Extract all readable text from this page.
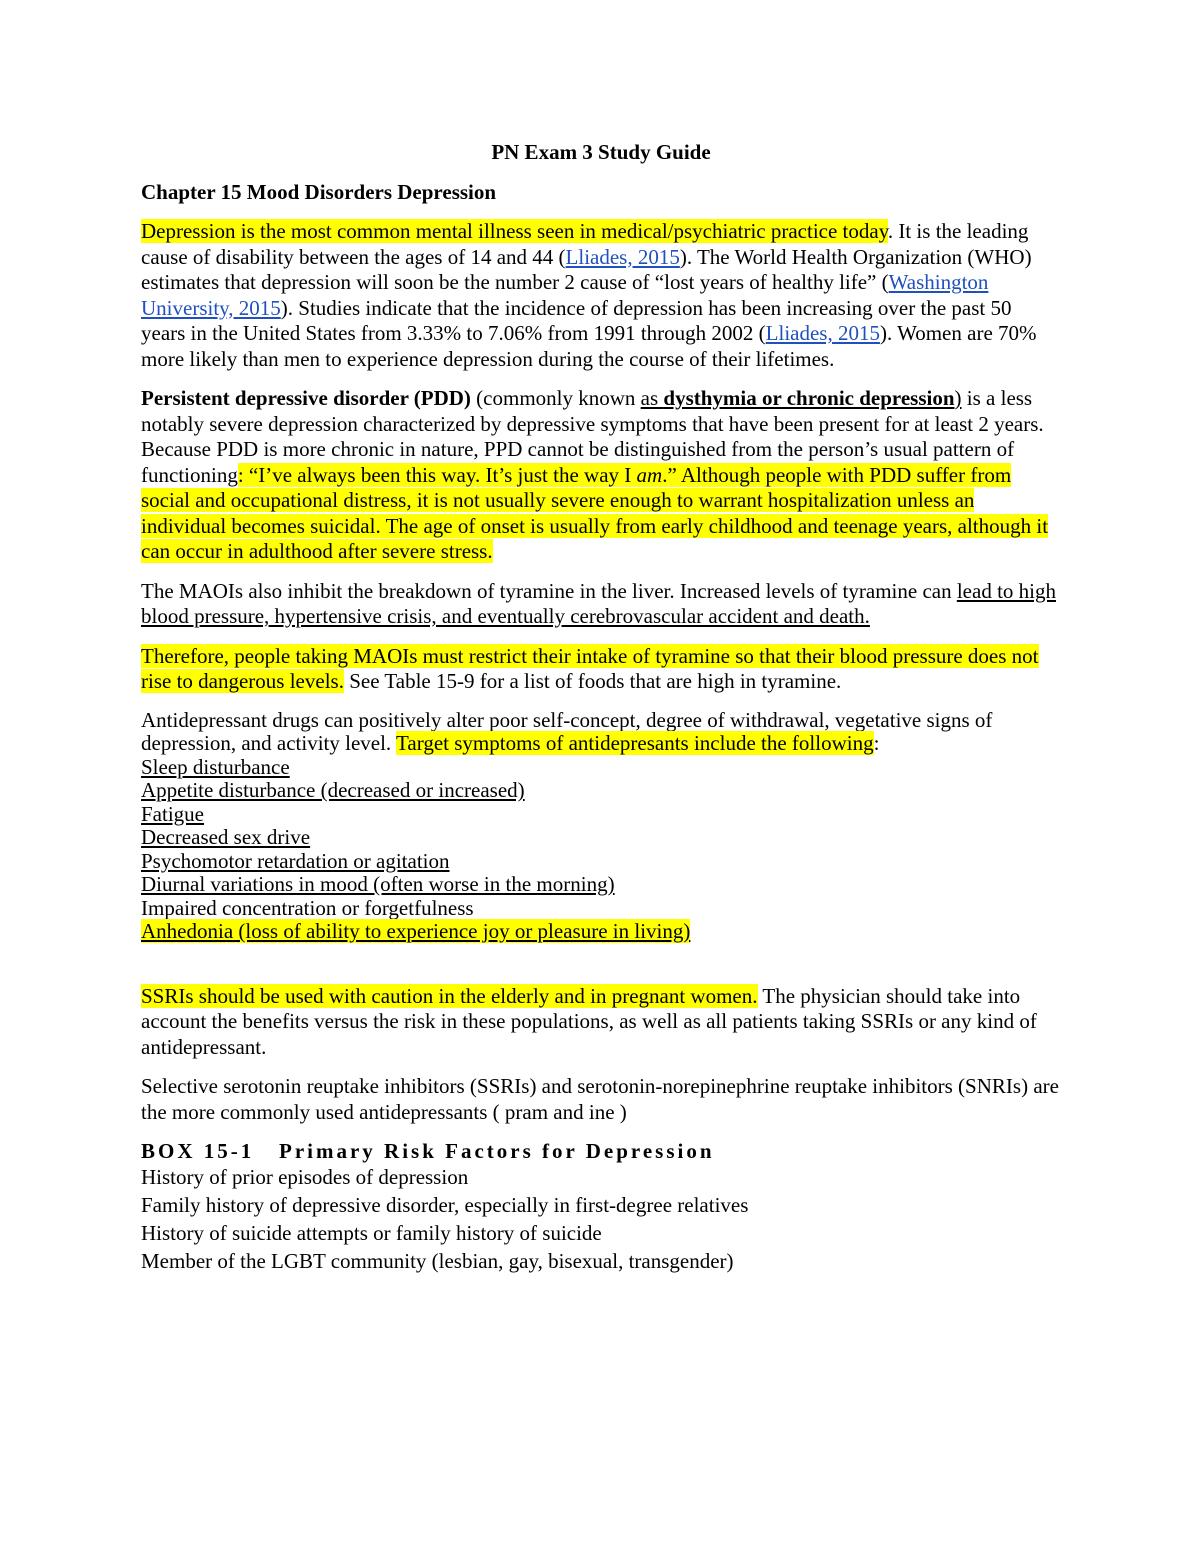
PN Exam 3 Study Guide
Chapter 15 Mood Disorders Depression

Depression is the most common mental illness seen in medical/psychiatric practice today. It is the leading cause of disability between the ages of 14 and 44 (Lliades, 2015). The World Health Organization (WHO) estimates that depression will soon be the number 2 cause of “lost years of healthy life” (Washington University, 2015). Studies indicate that the incidence of depression has been increasing over the past 50 years in the United States from 3.33% to 7.06% from 1991 through 2002 (Lliades, 2015). Women are 70% more likely than men to experience depression during the course of their lifetimes.

Persistent depressive disorder (PDD) (commonly known as dysthymia or chronic depression) is a less notably severe depression characterized by depressive symptoms that have been present for at least 2 years. Because PDD is more chronic in nature, PPD cannot be distinguished from the person’s usual pattern of functioning: “I’ve always been this way. It’s just the way I am.” Although people with PDD suffer from social and occupational distress, it is not usually severe enough to warrant hospitalization unless an individual becomes suicidal. The age of onset is usually from early childhood and teenage years, although it can occur in adulthood after severe stress.

The MAOIs also inhibit the breakdown of tyramine in the liver. Increased levels of tyramine can lead to high blood pressure, hypertensive crisis, and eventually cerebrovascular accident and death.

Therefore, people taking MAOIs must restrict their intake of tyramine so that their blood pressure does not rise to dangerous levels. See Table 15-9 for a list of foods that are high in tyramine.

Antidepressant drugs can positively alter poor self-concept, degree of withdrawal, vegetative signs of depression, and activity level. Target symptoms of antidepresants include the following:
Sleep disturbance
Appetite disturbance (decreased or increased)
Fatigue
Decreased sex drive
Psychomotor retardation or agitation
Diurnal variations in mood (often worse in the morning)
Impaired concentration or forgetfulness
Anhedonia (loss of ability to experience joy or pleasure in living)

SSRIs should be used with caution in the elderly and in pregnant women. The physician should take into account the benefits versus the risk in these populations, as well as all patients taking SSRIs or any kind of antidepressant.

Selective serotonin reuptake inhibitors (SSRIs) and serotonin-norepinephrine reuptake inhibitors (SNRIs) are the more commonly used antidepressants ( pram and ine )

BOX 15-1   Primary Risk Factors for Depression
History of prior episodes of depression
Family history of depressive disorder, especially in first-degree relatives
History of suicide attempts or family history of suicide
Member of the LGBT community (lesbian, gay, bisexual, transgender)
